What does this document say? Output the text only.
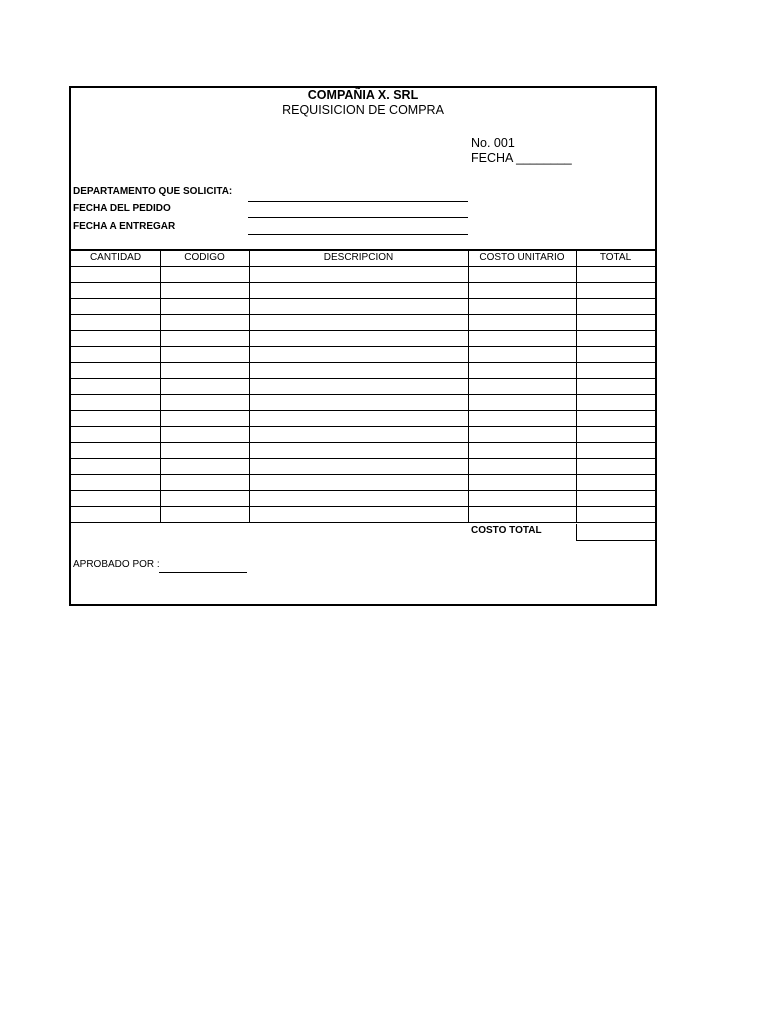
COMPAÑIA X. SRL
REQUISICION DE COMPRA
No. 001
FECHA ________
DEPARTAMENTO QUE SOLICITA:
FECHA DEL PEDIDO
FECHA A ENTREGAR
CANTIDAD	CODIGO	DESCRIPCION	COSTO UNITARIO	TOTAL
COSTO TOTAL
APROBADO POR :
